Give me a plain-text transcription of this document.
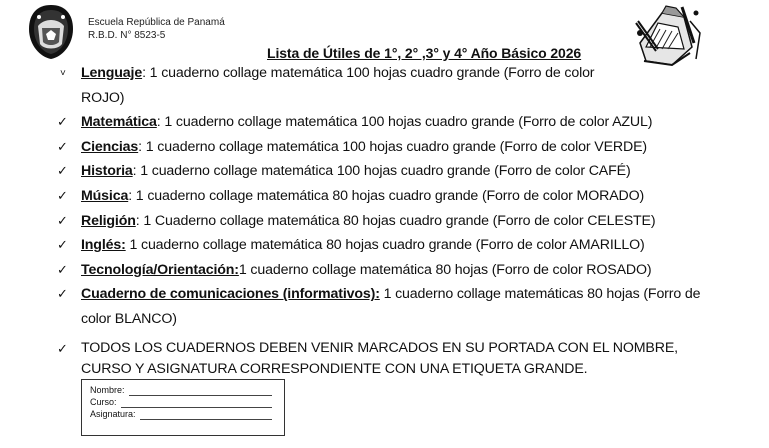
Escuela República de Panamá
R.B.D. N° 8523-5
Lista de Útiles de 1°, 2° ,3° y 4° Año Básico 2026
˅ Lenguaje: 1 cuaderno collage matemática 100 hojas cuadro grande (Forro de color
ROJO)
✓ Matemática: 1 cuaderno collage matemática 100 hojas cuadro grande (Forro de color AZUL)
✓ Ciencias: 1 cuaderno collage matemática 100 hojas cuadro grande (Forro de color VERDE)
✓ Historia: 1 cuaderno collage matemática 100 hojas cuadro grande (Forro de color CAFÉ)
✓ Música: 1 cuaderno collage matemática 80 hojas cuadro grande (Forro de color MORADO)
✓ Religión: 1 Cuaderno collage matemática 80 hojas cuadro grande (Forro de color CELESTE)
✓ Inglés: 1 cuaderno collage matemática 80 hojas cuadro grande (Forro de color AMARILLO)
✓ Tecnología/Orientación:1 cuaderno collage matemática 80 hojas (Forro de color ROSADO)
✓ Cuaderno de comunicaciones (informativos): 1 cuaderno collage matemáticas 80 hojas (Forro de
color BLANCO)
✓ TODOS LOS CUADERNOS DEBEN VENIR MARCADOS EN SU PORTADA CON EL NOMBRE,
CURSO Y ASIGNATURA CORRESPONDIENTE CON UNA ETIQUETA GRANDE.
Nombre:
Curso:
Asignatura:
